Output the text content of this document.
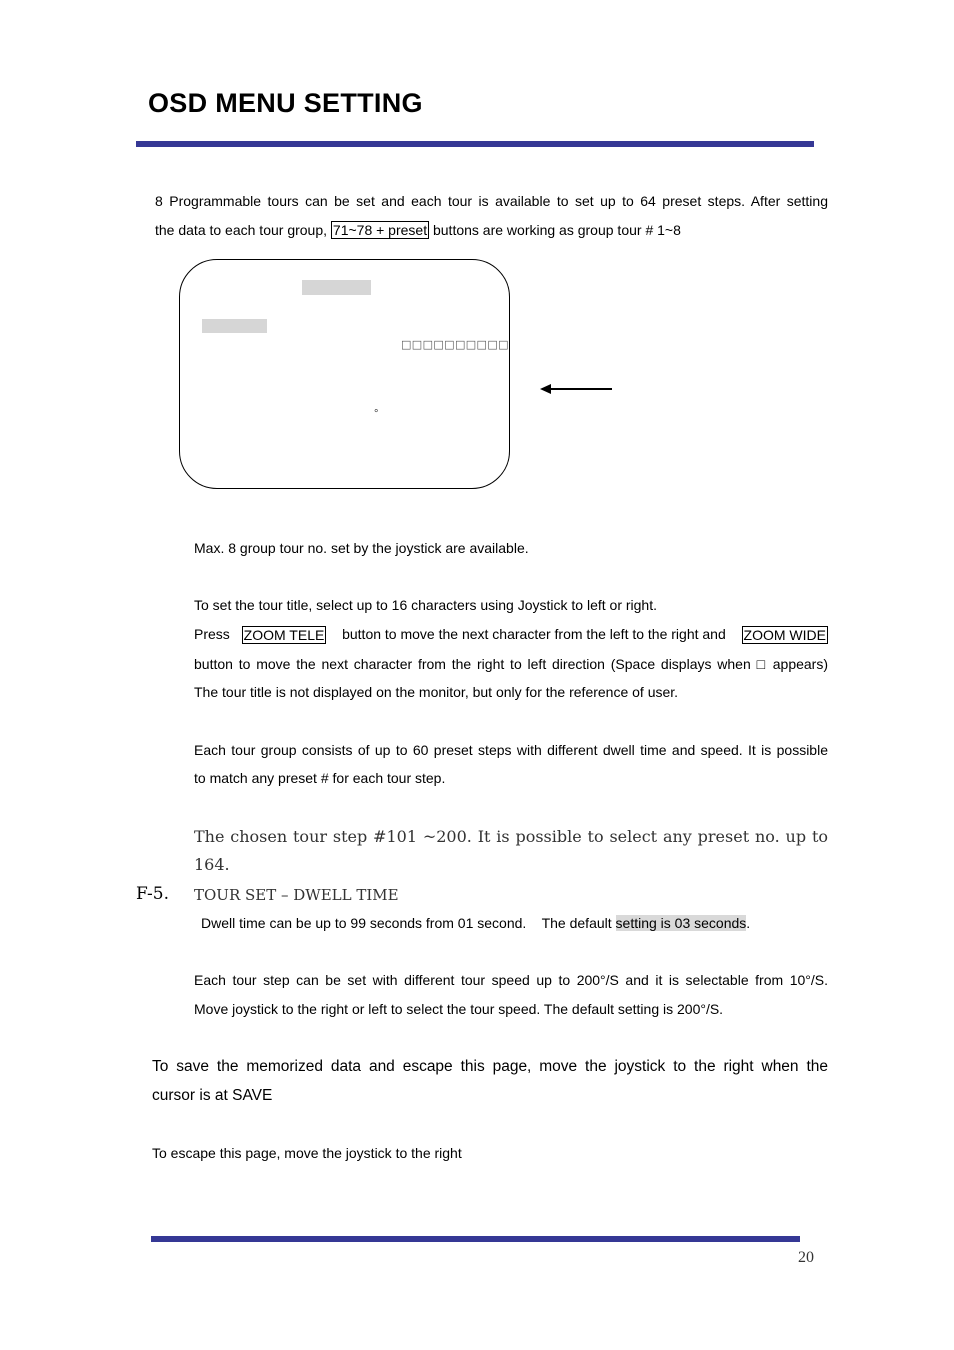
OSD MENU SETTING
8 Programmable tours can be set and each tour is available to set up to 64 preset steps. After setting
the data to each tour group, 71~78 + preset buttons are working as group tour # 1~8
□□□□□□□□□□
°
Max. 8 group tour no. set by the joystick are available.
To set the tour title, select up to 16 characters using Joystick to left or right.
Press ZOOM TELE button to move the next character from the left to the right and ZOOM WIDE
button to move the next character from the right to left direction (Space displays when □ appears)
The tour title is not displayed on the monitor, but only for the reference of user.
Each tour group consists of up to 60 preset steps with different dwell time and speed. It is possible
to match any preset # for each tour step.
The chosen tour step #101 ~200. It is possible to select any preset no. up to
164.
F-5. TOUR SET – DWELL TIME
Dwell time can be up to 99 seconds from 01 second.    The default setting is 03 seconds.
Each tour step can be set with different tour speed up to 200°/S and it is selectable from 10°/S.
Move joystick to the right or left to select the tour speed. The default setting is 200°/S.
To save the memorized data and escape this page, move the joystick to the right when the
cursor is at SAVE
To escape this page, move the joystick to the right
20
